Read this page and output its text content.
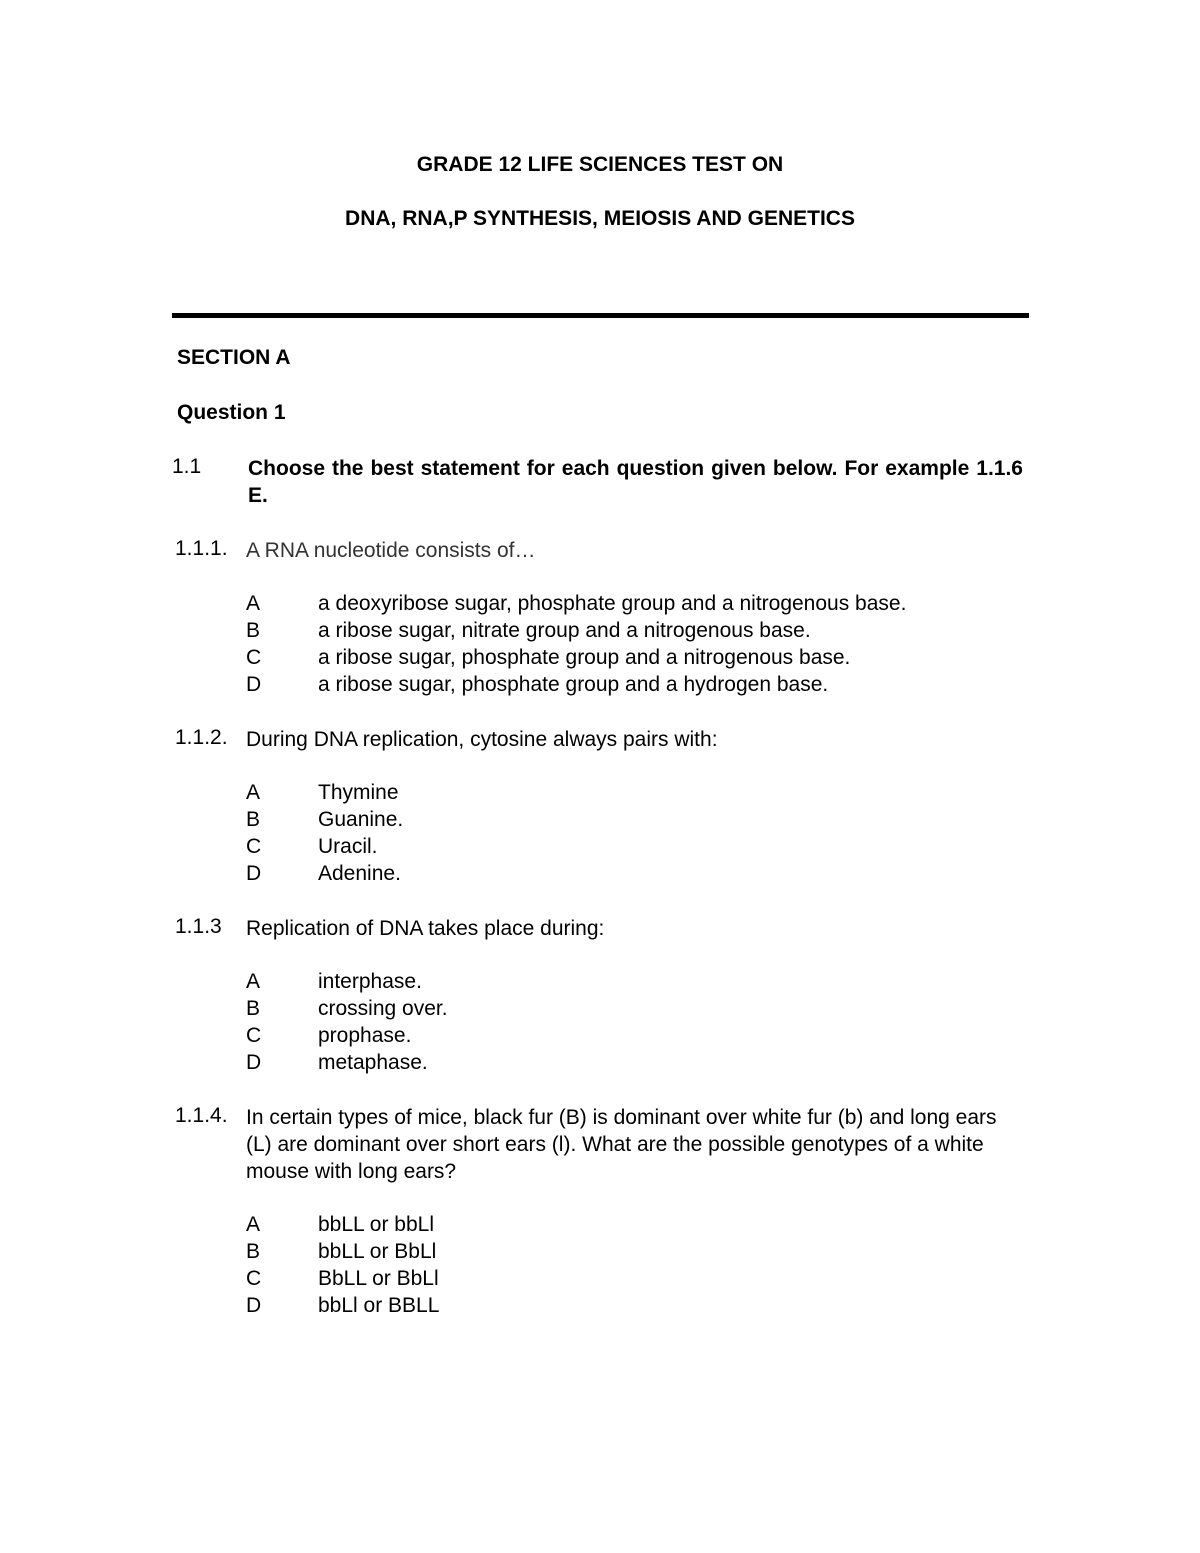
GRADE 12 LIFE SCIENCES TEST ON
DNA, RNA,P SYNTHESIS, MEIOSIS AND GENETICS
SECTION A
Question 1
1.1 Choose the best statement for each question given below. For example 1.1.6 E.
1.1.1. A RNA nucleotide consists of…
A	a deoxyribose sugar, phosphate group and a nitrogenous base.
B	a ribose sugar, nitrate group and a nitrogenous base.
C	a ribose sugar, phosphate group and a nitrogenous base.
D	a ribose sugar, phosphate group and a hydrogen base.
1.1.2. During DNA replication, cytosine always pairs with:
A	Thymine
B	Guanine.
C	Uracil.
D	Adenine.
1.1.3 Replication of DNA takes place during:
A	interphase.
B	crossing over.
C	prophase.
D	metaphase.
1.1.4. In certain types of mice, black fur (B) is dominant over white fur (b) and long ears (L) are dominant over short ears (l). What are the possible genotypes of a white mouse with long ears?
A	bbLL or bbLl
B	bbLL or BbLl
C	BbLL or BbLl
D	bbLl or BBLL
